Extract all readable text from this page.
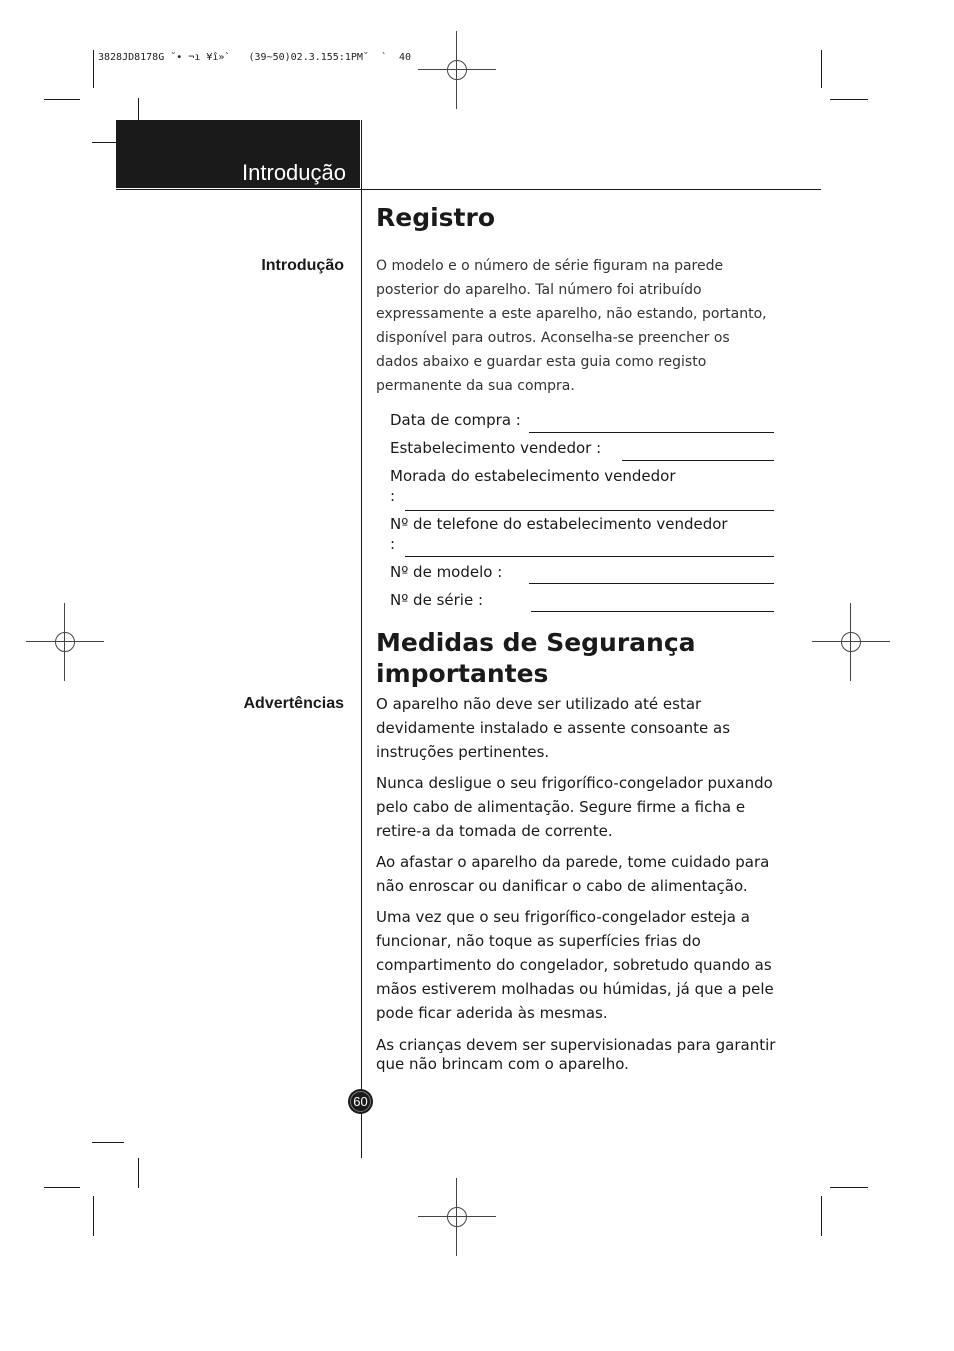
3828JD8178G ˘• ¬ı ¥î»`   (39~50)02.3.155:1PM˘  `  40
Introdução
Registro
Introdução O modelo e o número de série figuram na parede posterior do aparelho. Tal número foi atribuído expressamente a este aparelho, não estando, portanto, disponível para outros. Aconselha-se preencher os dados abaixo e guardar esta guia como registo permanente da sua compra.

Data de compra :
Estabelecimento vendedor :
Morada do estabelecimento vendedor
:
Nº de telefone do estabelecimento vendedor
:
Nº de modelo :
Nº de série :
Medidas de Segurança
importantes
Advertências O aparelho não deve ser utilizado até estar devidamente instalado e assente consoante as instruções pertinentes.

Nunca desligue o seu frigorífico-congelador puxando pelo cabo de alimentação. Segure firme a ficha e retire-a da tomada de corrente.

Ao afastar o aparelho da parede, tome cuidado para não enroscar ou danificar o cabo de alimentação.

Uma vez que o seu frigorífico-congelador esteja a funcionar, não toque as superfícies frias do compartimento do congelador, sobretudo quando as mãos estiverem molhadas ou húmidas, já que a pele pode ficar aderida às mesmas.

As crianças devem ser supervisionadas para garantir que não brincam com o aparelho.

60
